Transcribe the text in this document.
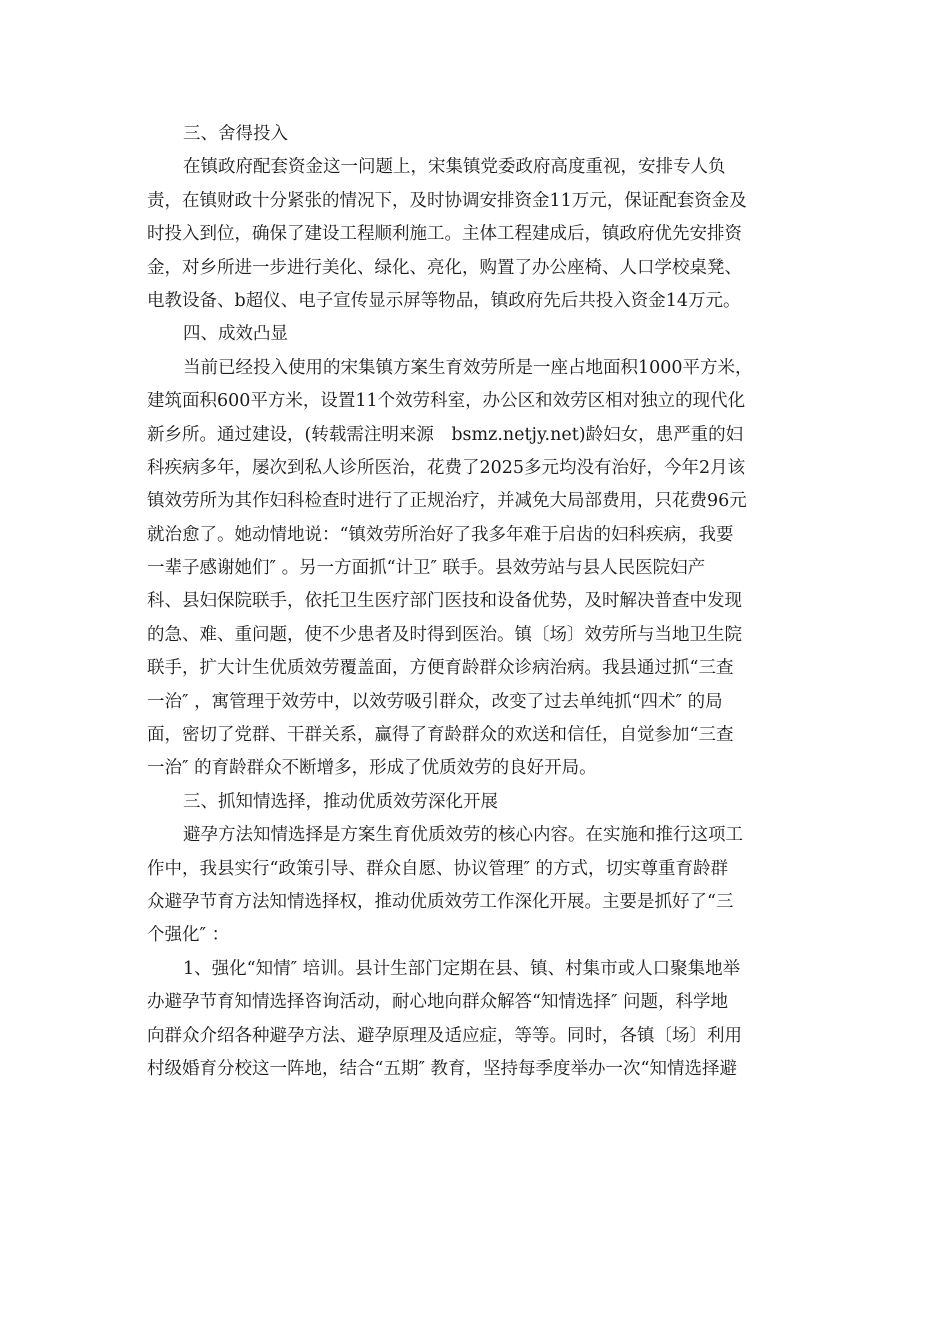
三、舍得投入
在镇政府配套资金这一问题上，宋集镇党委政府高度重视，安排专人负
责，在镇财政十分紧张的情况下，及时协调安排资金11万元，保证配套资金及
时投入到位，确保了建设工程顺利施工。主体工程建成后，镇政府优先安排资
金，对乡所进一步进行美化、绿化、亮化，购置了办公座椅、人口学校桌凳、
电教设备、b超仪、电子宣传显示屏等物品，镇政府先后共投入资金14万元。
四、成效凸显
当前已经投入使用的宋集镇方案生育效劳所是一座占地面积1000平方米，
建筑面积600平方米，设置11个效劳科室，办公区和效劳区相对独立的现代化
新乡所。通过建设，(转载需注明来源　bsmz.netjy.net)龄妇女，患严重的妇
科疾病多年，屡次到私人诊所医治，花费了2025多元均没有治好，今年2月该
镇效劳所为其作妇科检查时进行了正规治疗，并减免大局部费用，只花费96元
就治愈了。她动情地说：“镇效劳所治好了我多年难于启齿的妇科疾病，我要
一辈子感谢她们″ 。另一方面抓“计卫″ 联手。县效劳站与县人民医院妇产
科、县妇保院联手，依托卫生医疗部门医技和设备优势，及时解决普查中发现
的急、难、重问题，使不少患者及时得到医治。镇〔场〕效劳所与当地卫生院
联手，扩大计生优质效劳覆盖面，方便育龄群众诊病治病。我县通过抓“三查
一治″ ，寓管理于效劳中，以效劳吸引群众，改变了过去单纯抓“四术″ 的局
面，密切了党群、干群关系，赢得了育龄群众的欢送和信任，自觉参加“三查
一治″ 的育龄群众不断增多，形成了优质效劳的良好开局。
三、抓知情选择，推动优质效劳深化开展
避孕方法知情选择是方案生育优质效劳的核心内容。在实施和推行这项工
作中，我县实行“政策引导、群众自愿、协议管理″ 的方式，切实尊重育龄群
众避孕节育方法知情选择权，推动优质效劳工作深化开展。主要是抓好了“三
个强化″ ：
1、强化“知情″ 培训。县计生部门定期在县、镇、村集市或人口聚集地举
办避孕节育知情选择咨询活动，耐心地向群众解答“知情选择″ 问题，科学地
向群众介绍各种避孕方法、避孕原理及适应症，等等。同时，各镇〔场〕利用
村级婚育分校这一阵地，结合“五期″ 教育，坚持每季度举办一次“知情选择避
